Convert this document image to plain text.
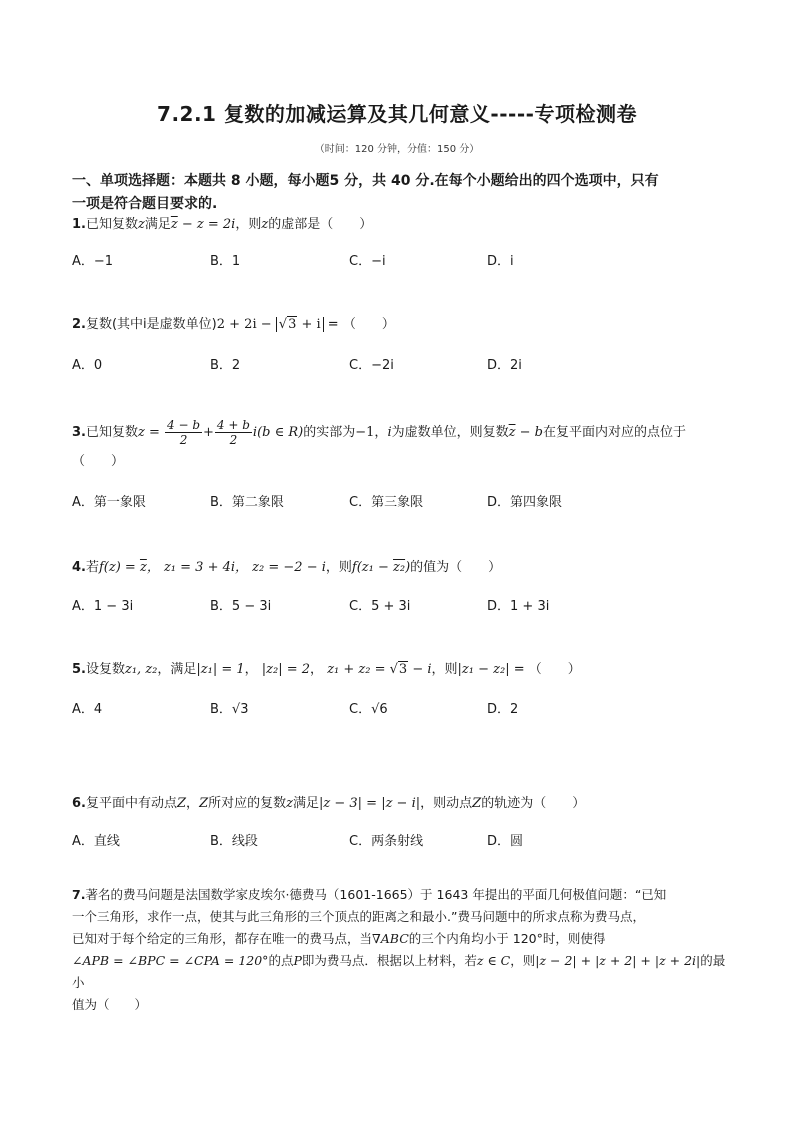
7.2.1 复数的加减运算及其几何意义-----专项检测卷
（时间：120 分钟，分值：150 分）
一、单项选择题：本题共 8 小题，每小题5 分，共 40 分.在每个小题给出的四个选项中，只有
一项是符合题目要求的.
1.已知复数z满足$\overline{z} - z = 2i$，则z的虚部是（　　）
A．−1	B．1	C．−i	D．i
2.复数(其中i是虚数单位)2 + 2i − √3 + i = （　　）
A．0	B．2	C．−2i	D．2i
3.已知复数$z = \frac{4 - b}{2} + \frac{4 + b}{2} i(b$ ∈ R)的实部为−1，i为虚数单位，则复数$\overline{z} - b$在复平面内对应的点位于
（　　）
A．第一象限	B．第二象限	C．第三象限	D．第四象限
4.若$f(z) = \overline{z}$， z₁ = 3 + 4i， z₂ = −2 − i，则f(z₁ − z₂)的值为（　　）
A．1 − 3i	B．5 − 3i	C．5 + 3i	D．1 + 3i
5.设复数z₁, z₂，满足|z₁| = 1， |z₂| = 2， z₁ + z₂ = √3 − i，则|z₁ − z₂| = （　　）
A．4	B．√3	C．√6	D．2
6.复平面中有动点Z，Z所对应的复数z满足|z − 3| = |z − i|，则动点Z的轨迹为（　　）
A．直线	B．线段	C．两条射线	D．圆
7.著名的费马问题是法国数学家皮埃尔·德费马（1601-1665）于 1643 年提出的平面几何极值问题：“已知
一个三角形，求作一点，使其与此三角形的三个顶点的距离之和最小.”费马问题中的所求点称为费马点，
已知对于每个给定的三角形，都存在唯一的费马点，当∇ABC的三个内角均小于 120°时，则使得
∠APB = ∠BPC = ∠CPA = 120°的点P即为费马点．根据以上材料，若z ∈ C，则|z − 2| + |z + 2| + |z + 2i|的最小
值为（　　）
